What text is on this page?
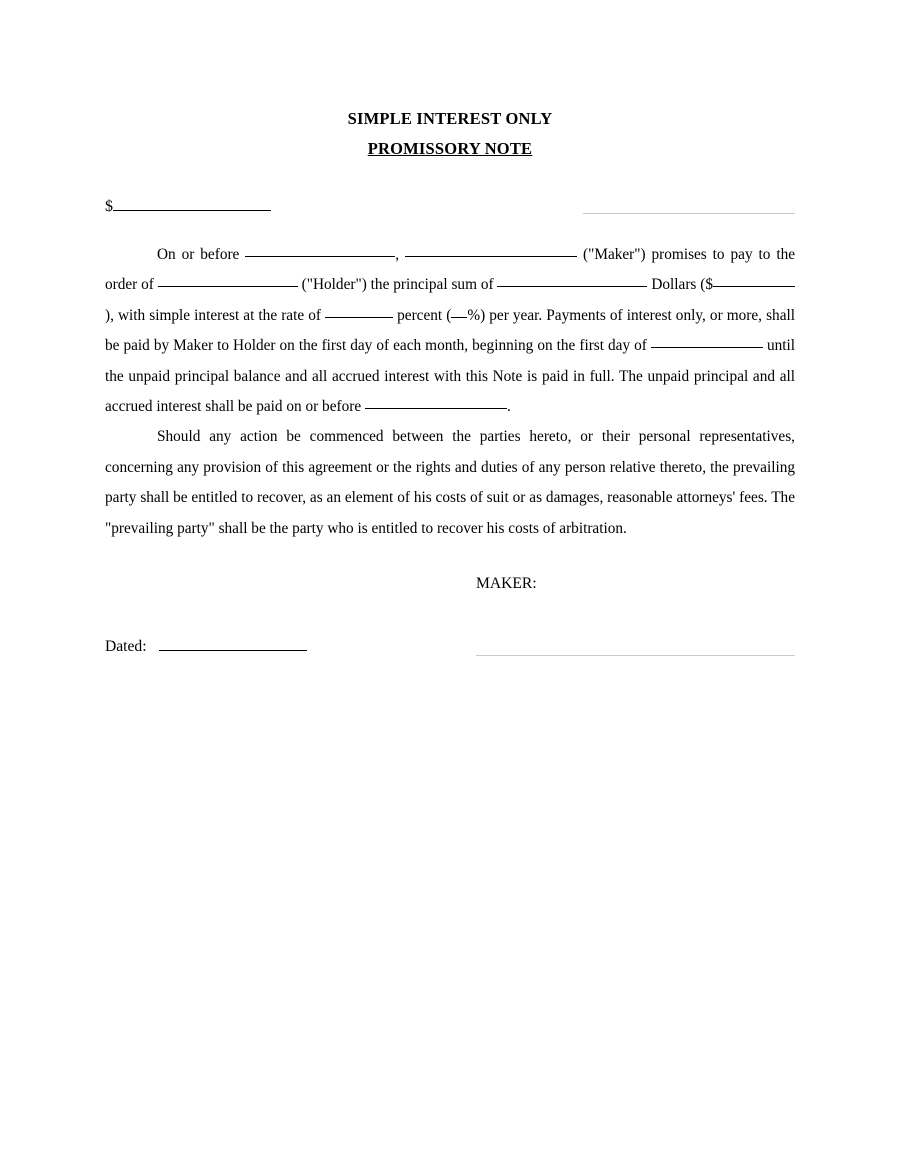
SIMPLE INTEREST ONLY
PROMISSORY NOTE
$

On or before	,	("Maker") promises to pay to the order of	("Holder") the principal sum of	Dollars ($), with simple interest at the rate of	percent ( %) per year. Payments of interest only, or more, shall be paid by Maker to Holder on the first day of each month, beginning on the first day of	until the unpaid principal balance and all accrued interest with this Note is paid in full. The unpaid principal and all accrued interest shall be paid on or before	.

Should any action be commenced between the parties hereto, or their personal representatives, concerning any provision of this agreement or the rights and duties of any person relative thereto, the prevailing party shall be entitled to recover, as an element of his costs of suit or as damages, reasonable attorneys' fees. The "prevailing party" shall be the party who is entitled to recover his costs of arbitration.

MAKER:
Dated:
